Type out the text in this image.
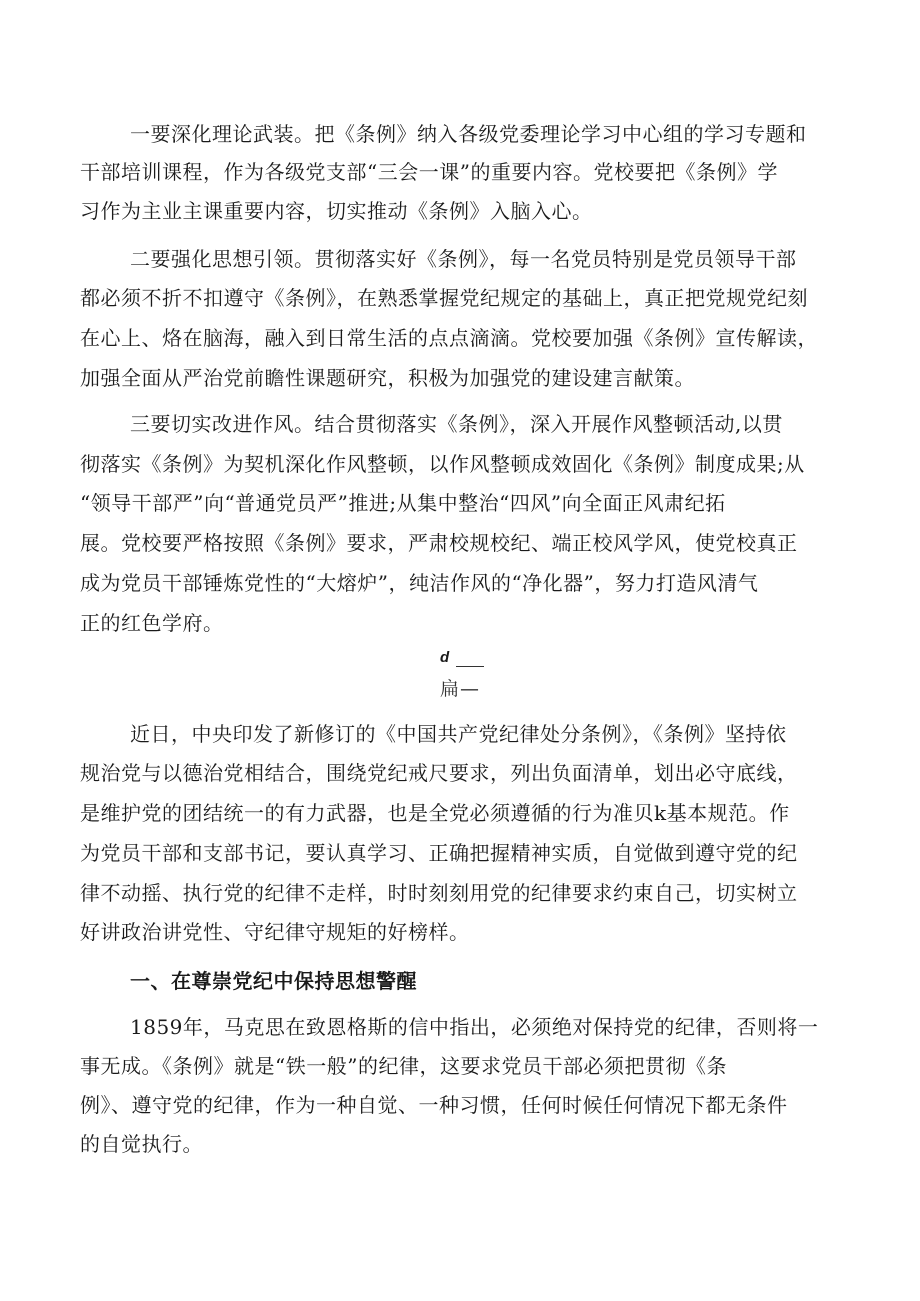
一要深化理论武装。把《条例》纳入各级党委理论学习中心组的学习专题和
干部培训课程，作为各级党支部“三会一课”的重要内容。党校要把《条例》学
习作为主业主课重要内容，切实推动《条例》入脑入心。
二要强化思想引领。贯彻落实好《条例》，每一名党员特别是党员领导干部
都必须不折不扣遵守《条例》，在熟悉掌握党纪规定的基础上，真正把党规党纪刻
在心上、烙在脑海，融入到日常生活的点点滴滴。党校要加强《条例》宣传解读，
加强全面从严治党前瞻性课题研究，积极为加强党的建设建言献策。
三要切实改进作风。结合贯彻落实《条例》，深入开展作风整顿活动,以贯
彻落实《条例》为契机深化作风整顿，以作风整顿成效固化《条例》制度成果;从
“领导干部严”向“普通党员严”推进;从集中整治“四风”向全面正风肃纪拓
展。党校要严格按照《条例》要求，严肃校规校纪、端正校风学风，使党校真正
成为党员干部锤炼党性的“大熔炉”，纯洁作风的“净化器”，努力打造风清气
正的红色学府。
d
扁—
近日，中央印发了新修订的《中国共产党纪律处分条例》，《条例》坚持依
规治党与以德治党相结合，围绕党纪戒尺要求，列出负面清单，划出必守底线，
是维护党的团结统一的有力武器，也是全党必须遵循的行为准贝k基本规范。作
为党员干部和支部书记，要认真学习、正确把握精神实质，自觉做到遵守党的纪
律不动摇、执行党的纪律不走样，时时刻刻用党的纪律要求约束自己，切实树立
好讲政治讲党性、守纪律守规矩的好榜样。
一、在尊崇党纪中保持思想警醒
1859年，马克思在致恩格斯的信中指出，必须绝对保持党的纪律，否则将一
事无成。《条例》就是“铁一般”的纪律，这要求党员干部必须把贯彻《条
例》、遵守党的纪律，作为一种自觉、一种习惯，任何时候任何情况下都无条件
的自觉执行。
